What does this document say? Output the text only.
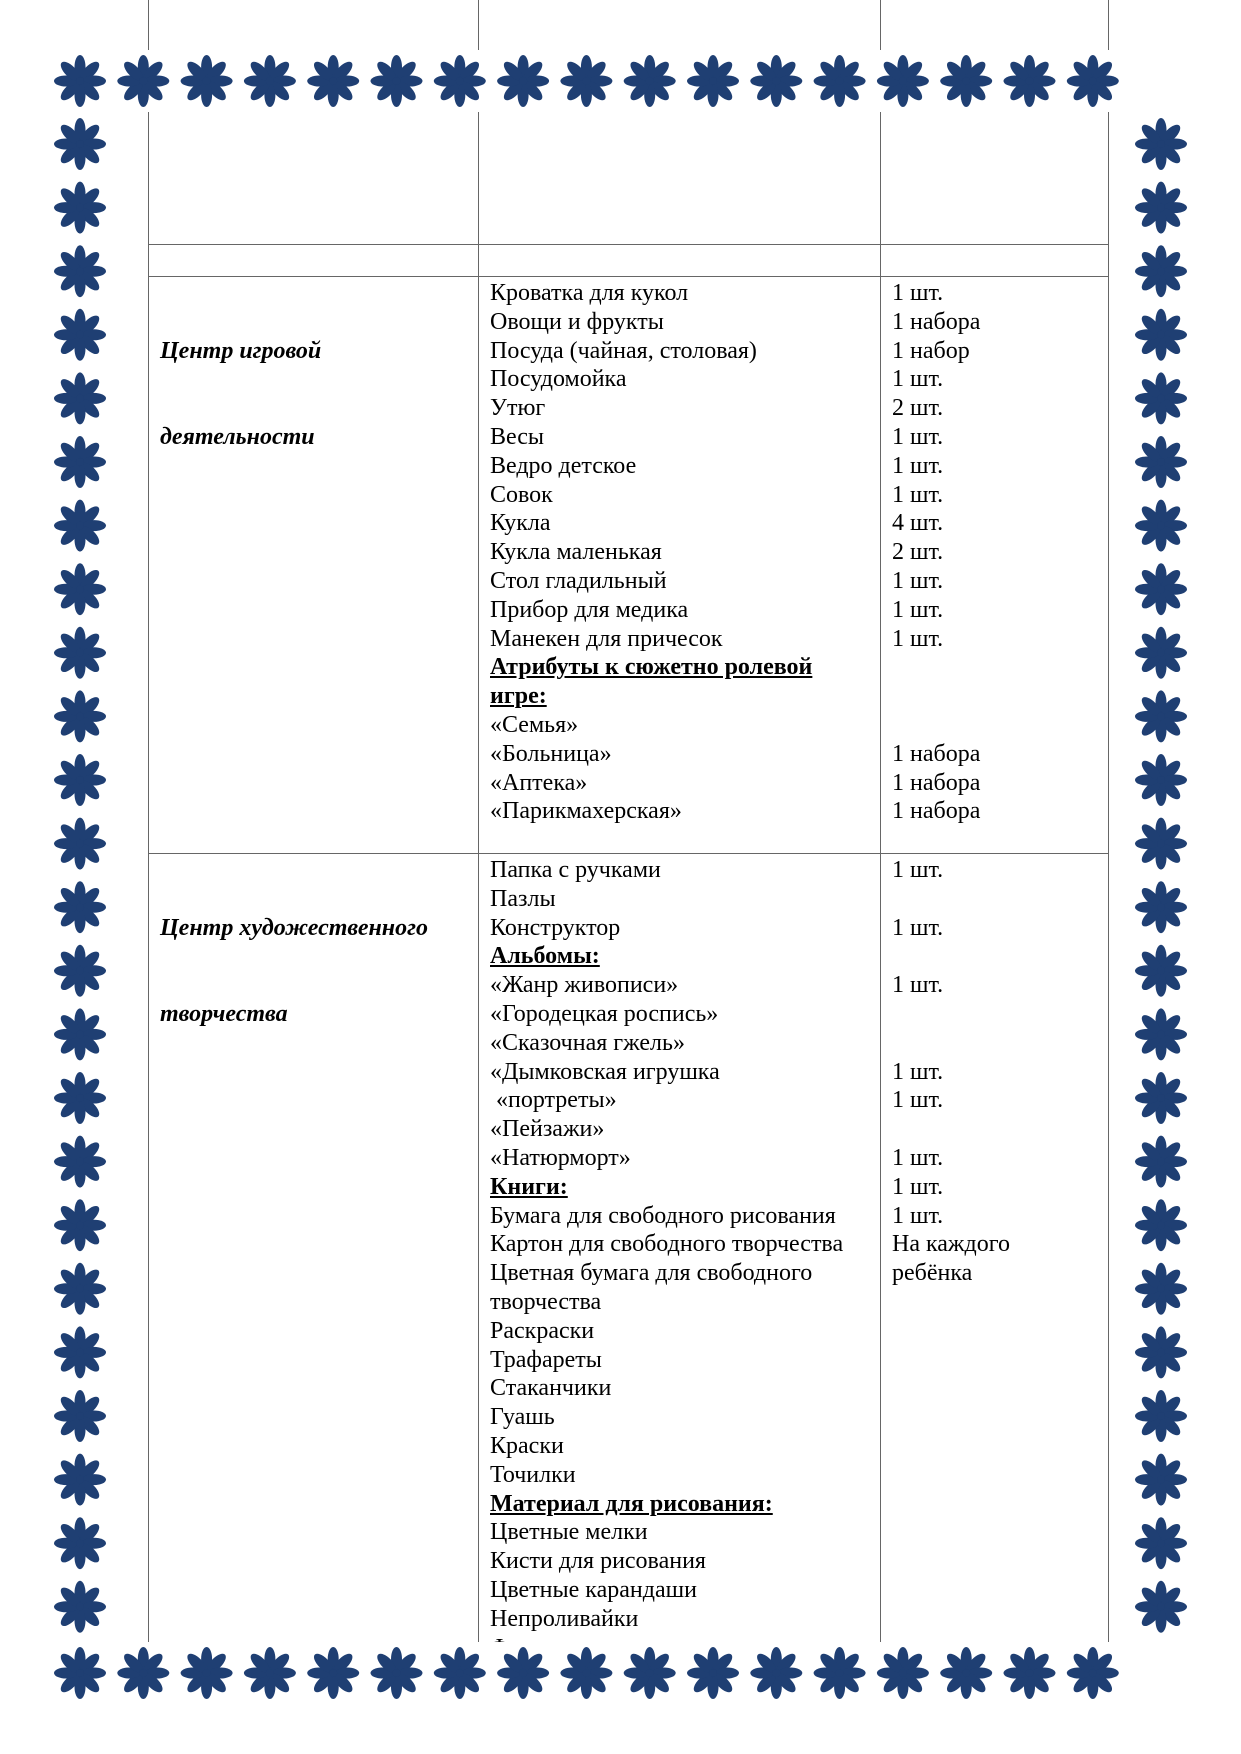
Центр игровой

деятельности

Кроватка для кукол
Овощи и фрукты
Посуда (чайная, столовая)
Посудомойка
Утюг
Весы
Ведро детское
Совок
Кукла
Кукла маленькая
Стол гладильный
Прибор для медика
Манекен для причесок
Атрибуты к сюжетно ролевой
игре:
«Семья»
«Больница»
«Аптека»
«Парикмахерская»
1 шт.
1 набора
1 набор
1 шт.
2 шт.
1 шт.
1 шт.
1 шт.
4 шт.
2 шт.
1 шт.
1 шт.
1 шт.
1 набора
1 набора
1 набора

Центр художественного

творчества

Папка с ручками
Пазлы
Конструктор
Альбомы:
«Жанр живописи»
«Городецкая роспись»
«Сказочная гжель»
«Дымковская игрушка
«портреты»
«Пейзажи»
«Натюрморт»
Книги:
Бумага для свободного рисования
Картон для свободного творчества
Цветная бумага для свободного
творчества
Раскраски
Трафареты
Стаканчики
Гуашь
Краски
Точилки
Материал для рисования:
Цветные мелки
Кисти для рисования
Цветные карандаши
Непроливайки
1 шт.
1 шт.
1 шт.
1 шт.
1 шт.
1 шт.
1 шт.
1 шт.
На каждого
ребёнка
